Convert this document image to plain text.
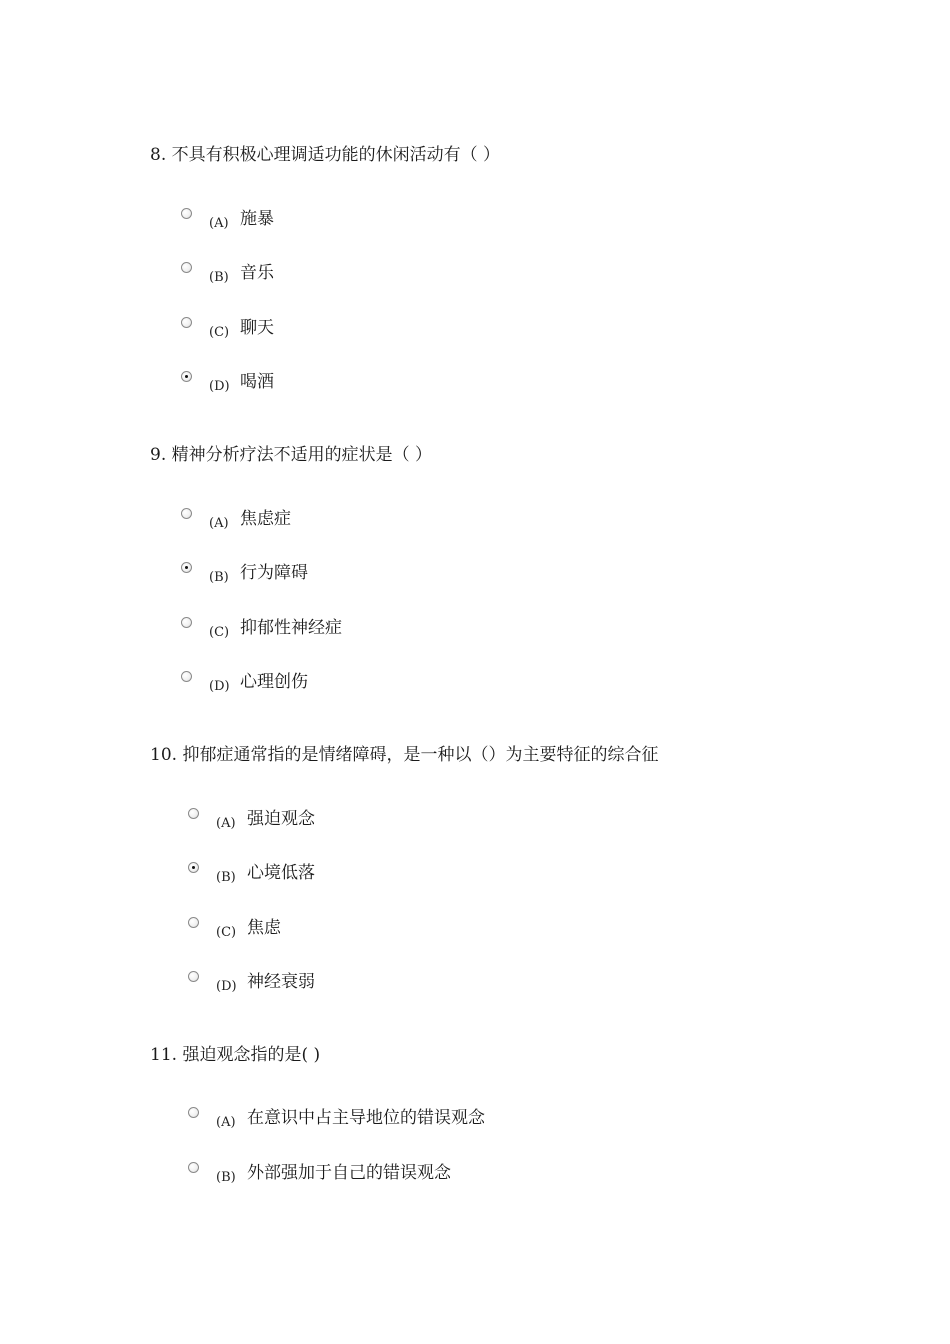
8. 不具有积极心理调适功能的休闲活动有（ ）
(A) 施暴
(B) 音乐
(C) 聊天
(D) 喝酒
9. 精神分析疗法不适用的症状是（ ）
(A) 焦虑症
(B) 行为障碍
(C) 抑郁性神经症
(D) 心理创伤
10. 抑郁症通常指的是情绪障碍，是一种以（）为主要特征的综合征
(A) 强迫观念
(B) 心境低落
(C) 焦虑
(D) 神经衰弱
11. 强迫观念指的是( )
(A) 在意识中占主导地位的错误观念
(B) 外部强加于自己的错误观念
